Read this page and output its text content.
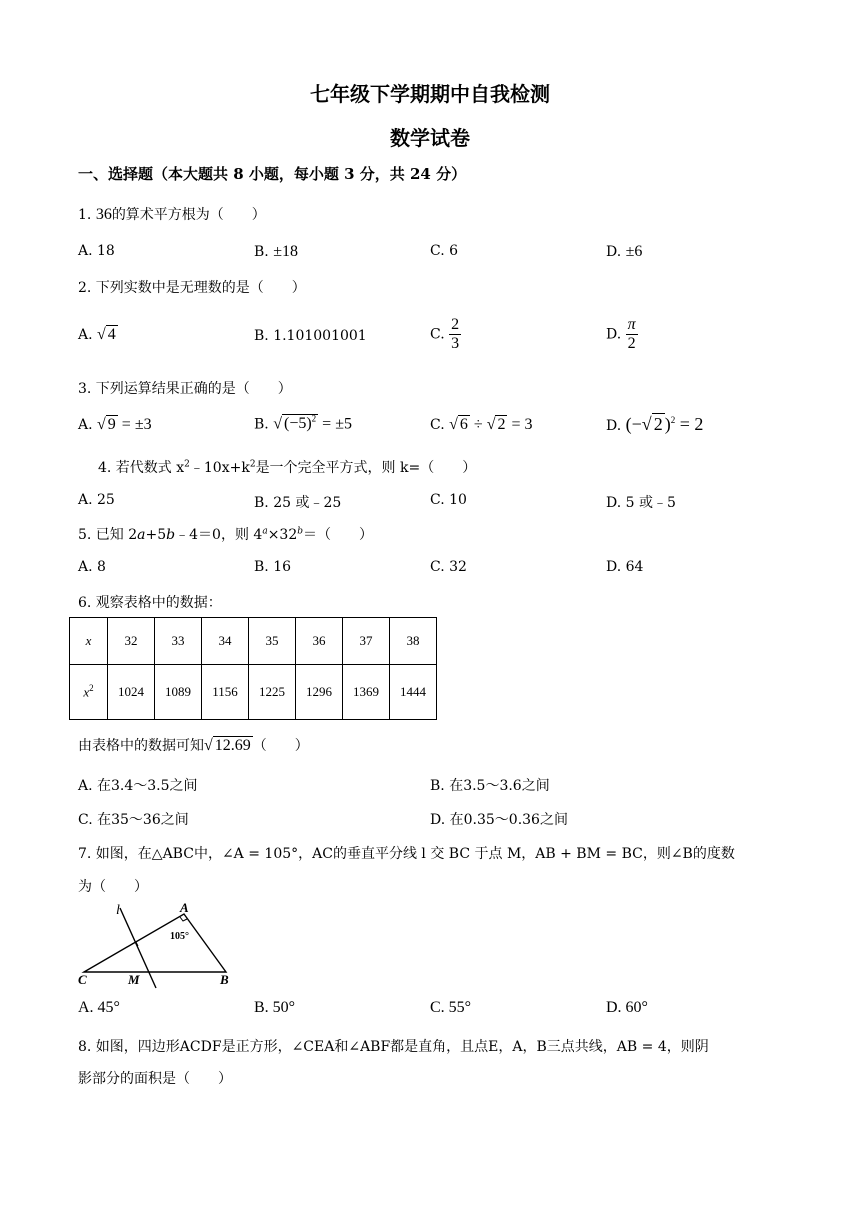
七年级下学期期中自我检测
数学试卷
一、选择题（本大题共 8 小题，每小题 3 分，共 24 分）
1. 36的算术平方根为（　　）
A. 18	B. ±18	C. 6	D. ±6
2. 下列实数中是无理数的是（　　）
A. √ 4	B. 1.101001001	C. $\frac{2}{3}$	D. $\frac{\pi}{2}$
3. 下列运算结果正确的是（　　）
A. √ 9 = ±3	B. √ $(-5)^2 = \pm 5$	C. √ 6 ÷ √ 2 = 3	D. (−√ 2 )$^2$ = 2
4. 若代数式 $x^2﹣10x+k^2$是一个完全平方式，则 k=（　　）
A. 25	B. 25 或﹣25	C. 10	D. 5 或﹣5
5. 已知 2a+5b﹣4＝0，则 $4^a\times 32^b=$（　　）
A. 8	B. 16	C. 32	D. 64
6. 观察表格中的数据：
x	32	33	34	35	36	37	38
$x^2$	1024	1089	1156	1225	1296	1369	1444
由表格中的数据可知√ 12.69 （　　）
A. 在3.4～3.5之间	B. 在3.5～3.6之间
C. 在35～36之间	D. 在0.35～0.36之间
7. 如图，在△ABC中，∠A = 105°，AC的垂直平分线 l 交 BC 于点 M，AB + BM = BC，则∠B的度数
为（　　）
l	A
105°
C	M	B
A. 45°	B. 50°	C. 55°	D. 60°
8. 如图，四边形ACDF是正方形，∠CEA和∠ABF都是直角，且点E，A，B三点共线，AB = 4，则阴
影部分的面积是（　　）
